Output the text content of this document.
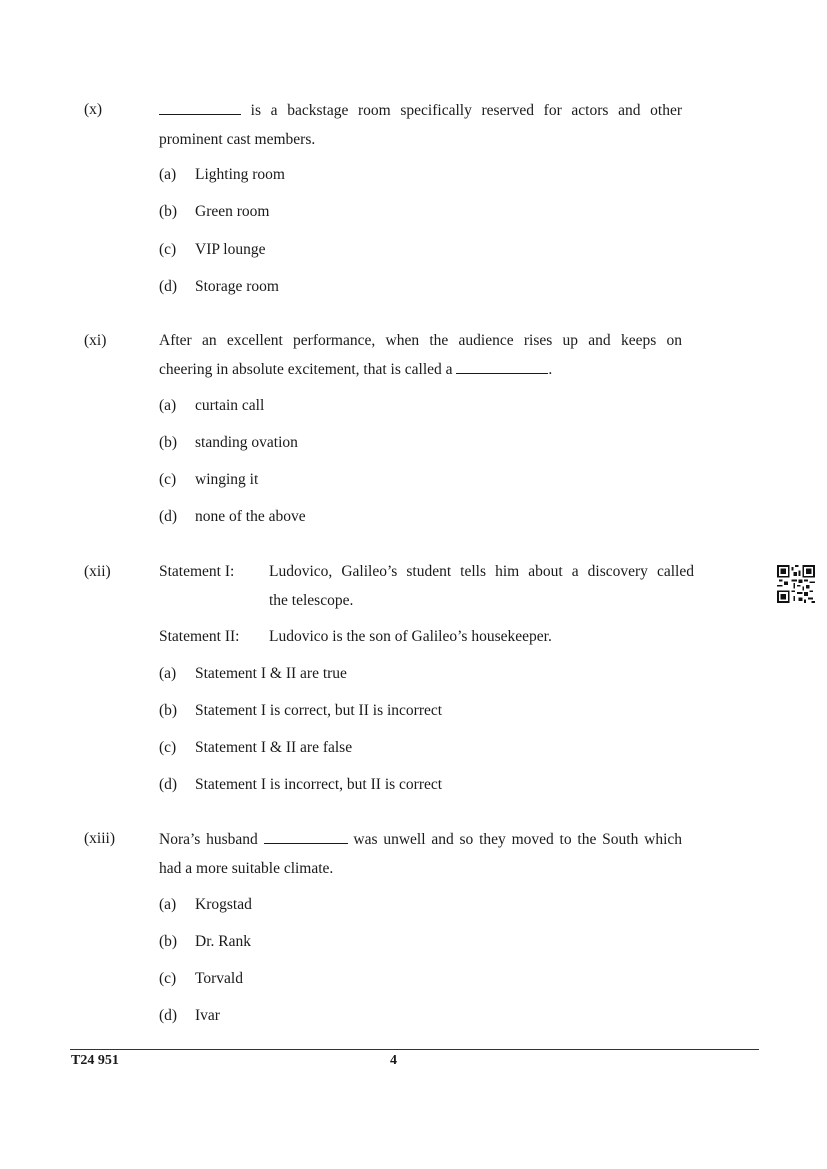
(x)	is a backstage room specifically reserved for actors and other
prominent cast members.
(a) Lighting room
(b) Green room
(c) VIP lounge
(d) Storage room
(xi)	After an excellent performance, when the audience rises up and keeps on
cheering in absolute excitement, that is called a	.
(a) curtain call
(b) standing ovation
(c) winging it
(d) none of the above
(xii)	Statement I: Ludovico, Galileo’s student tells him about a discovery called
the telescope.
Statement II: Ludovico is the son of Galileo’s housekeeper.
(a) Statement I & II are true
(b) Statement I is correct, but II is incorrect
(c) Statement I & II are false
(d) Statement I is incorrect, but II is correct
(xiii)	Nora’s husband	was unwell and so they moved to the South which
had a more suitable climate.
(a) Krogstad
(b) Dr. Rank
(c) Torvald
(d) Ivar
T24 951	4
